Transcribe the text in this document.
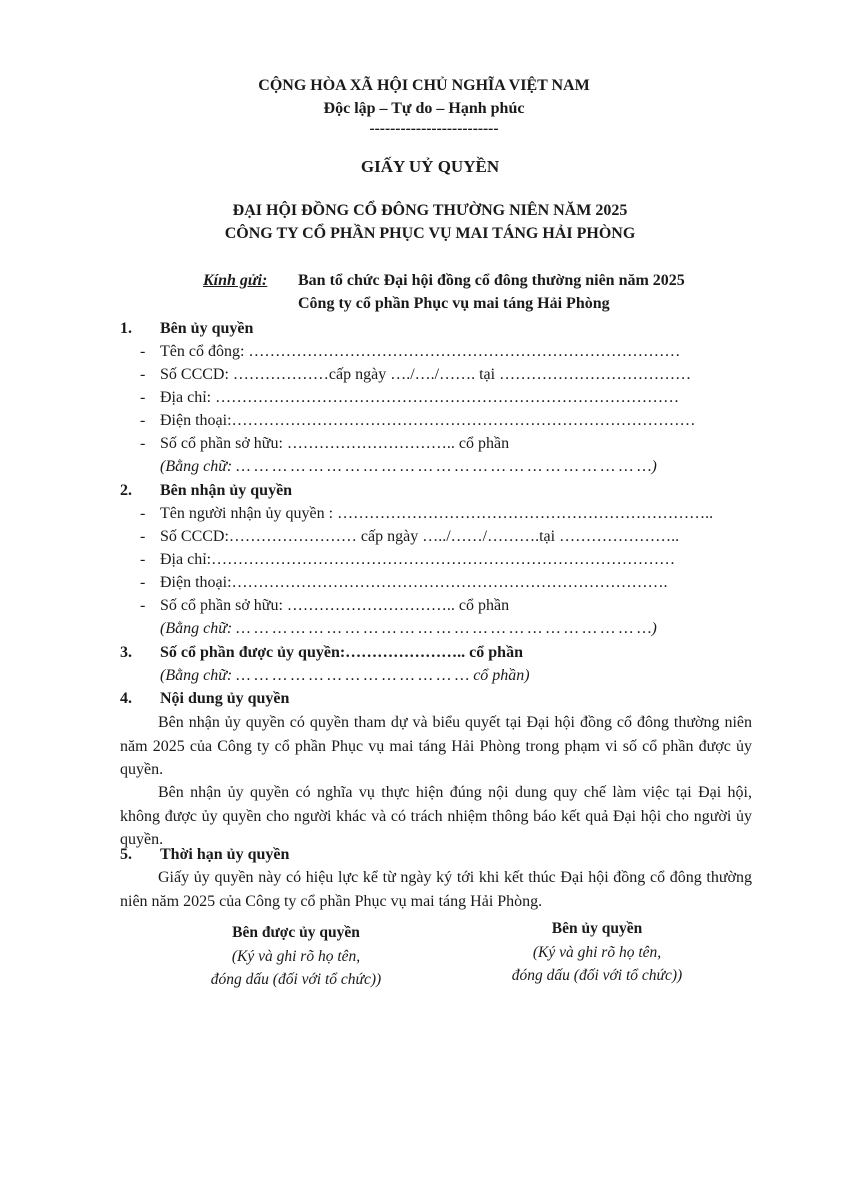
CỘNG HÒA XÃ HỘI CHỦ NGHĨA VIỆT NAM
Độc lập – Tự do – Hạnh phúc
-------------------------
GIẤY UỶ QUYỀN
ĐẠI HỘI ĐỒNG CỔ ĐÔNG THƯỜNG NIÊN NĂM 2025
CÔNG TY CỔ PHẦN PHỤC VỤ MAI TÁNG HẢI PHÒNG
Kính gửi: Ban tổ chức Đại hội đồng cổ đông thường niên năm 2025
Công ty cổ phần Phục vụ mai táng Hải Phòng
1. Bên ủy quyền
- Tên cổ đông: ………………………………………………………………………
- Số CCCD: ………………cấp ngày …./…./……. tại ………………………………
- Địa chỉ: ……………………………………………………………………………
- Điện thoại:……………………………………………………………………………
- Số cổ phần sở hữu: ………………………….. cổ phần
(Bằng chữ: … … … … … … … … … … … … … … … … … … … … … … …)
2. Bên nhận ủy quyền
- Tên người nhận ủy quyền : ……………………………………………………………..
- Số CCCD:…………………… cấp ngày …../……/……….tại …………………..
- Địa chỉ:……………………………………………………………………………
- Điện thoại:……………………………………………………………………….
- Số cổ phần sở hữu: ………………………….. cổ phần
(Bằng chữ: … … … … … … … … … … … … … … … … … … … … … … …)
3. Số cổ phần được ủy quyền:………………….. cổ phần
(Bằng chữ: … … … … … … … … … … … … … cổ phần)
4. Nội dung ủy quyền
Bên nhận ủy quyền có quyền tham dự và biểu quyết tại Đại hội đồng cổ đông thường niên năm 2025 của Công ty cổ phần Phục vụ mai táng Hải Phòng trong phạm vi số cổ phần được ủy quyền.
Bên nhận ủy quyền có nghĩa vụ thực hiện đúng nội dung quy chế làm việc tại Đại hội, không được ủy quyền cho người khác và có trách nhiệm thông báo kết quả Đại hội cho người ủy quyền.
5. Thời hạn ủy quyền
Giấy ủy quyền này có hiệu lực kể từ ngày ký tới khi kết thúc Đại hội đồng cổ đông thường niên năm 2025 của Công ty cổ phần Phục vụ mai táng Hải Phòng.
Bên được ủy quyền
(Ký và ghi rõ họ tên,
đóng dấu (đối với tổ chức))
Bên ủy quyền
(Ký và ghi rõ họ tên,
đóng dấu (đối với tổ chức))
